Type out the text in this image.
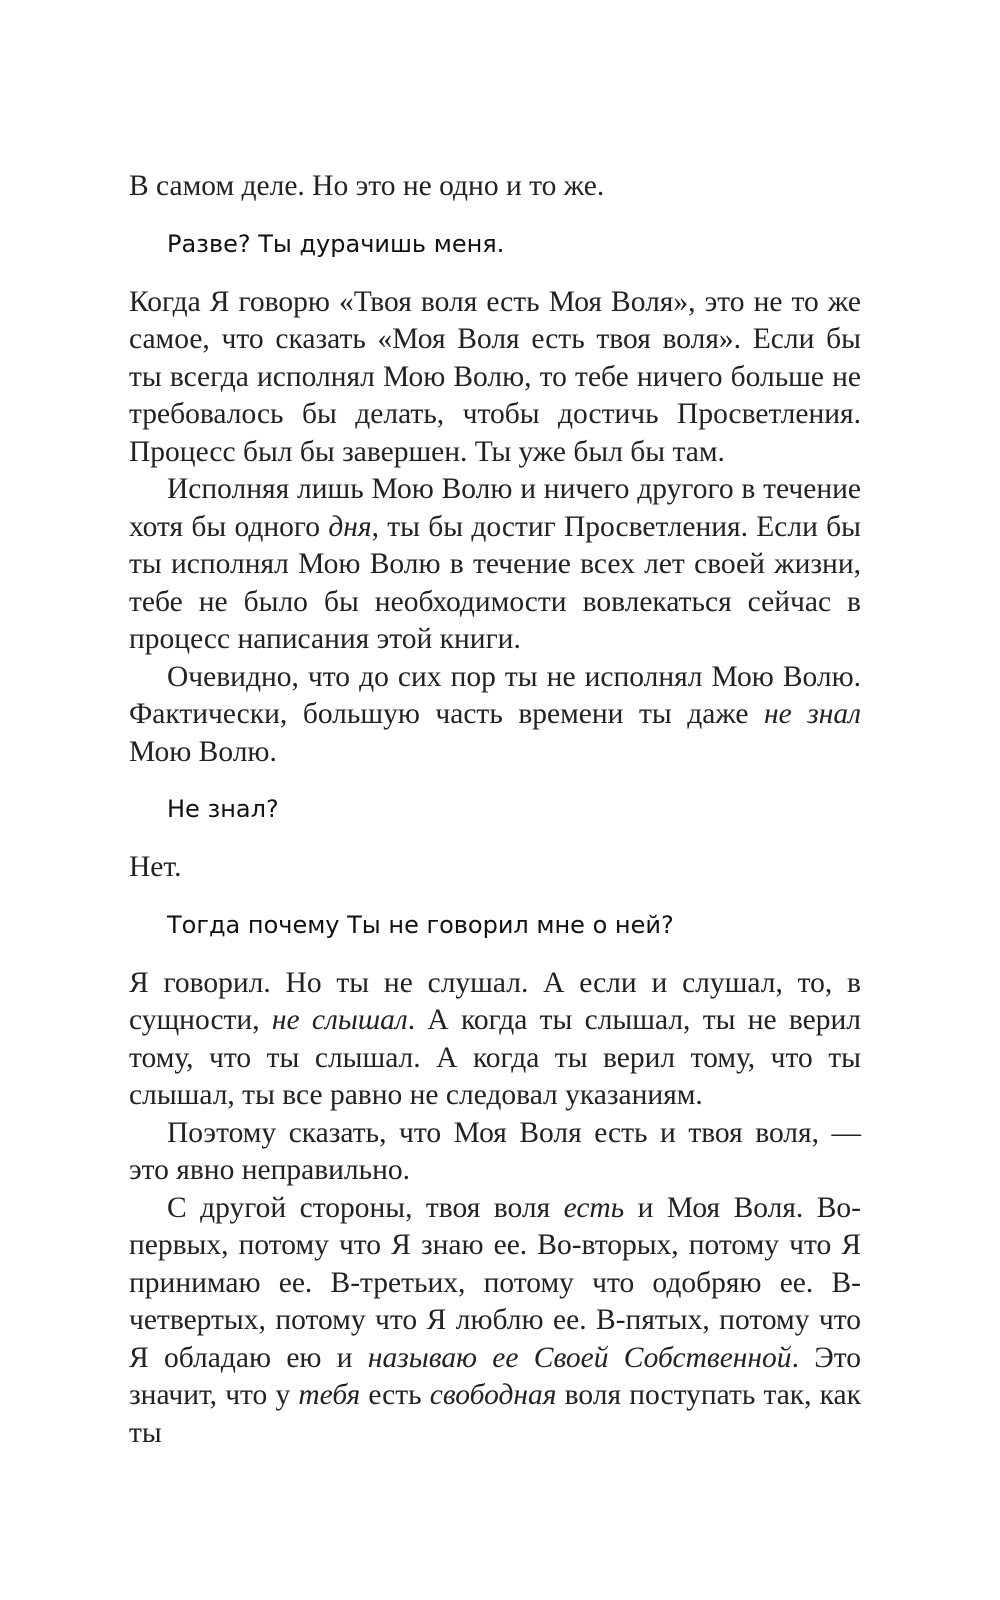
В самом деле. Но это не одно и то же.

Разве? Ты дурачишь меня.

Когда Я говорю «Твоя воля есть Моя Воля», это не то же самое, что сказать «Моя Воля есть твоя воля». Если бы ты всегда исполнял Мою Волю, то тебе ничего больше не требовалось бы делать, чтобы достичь Просветления. Процесс был бы завершен. Ты уже был бы там.

Исполняя лишь Мою Волю и ничего другого в течение хотя бы одного дня, ты бы достиг Просветления. Если бы ты исполнял Мою Волю в течение всех лет своей жизни, тебе не было бы необходимости вовлекаться сейчас в процесс написания этой книги.

Очевидно, что до сих пор ты не исполнял Мою Волю. Фактически, большую часть времени ты даже не знал Мою Волю.

Не знал?

Нет.

Тогда почему Ты не говорил мне о ней?

Я говорил. Но ты не слушал. А если и слушал, то, в сущности, не слышал. А когда ты слышал, ты не верил тому, что ты слышал. А когда ты верил тому, что ты слышал, ты все равно не следовал указаниям.

Поэтому сказать, что Моя Воля есть и твоя воля, — это явно неправильно.

С другой стороны, твоя воля есть и Моя Воля. Во-первых, потому что Я знаю ее. Во-вторых, потому что Я принимаю ее. В-третьих, потому что одобряю ее. В-четвертых, потому что Я люблю ее. В-пятых, потому что Я обладаю ею и называю ее Своей Собственной. Это значит, что у тебя есть свободная воля поступать так, как ты
